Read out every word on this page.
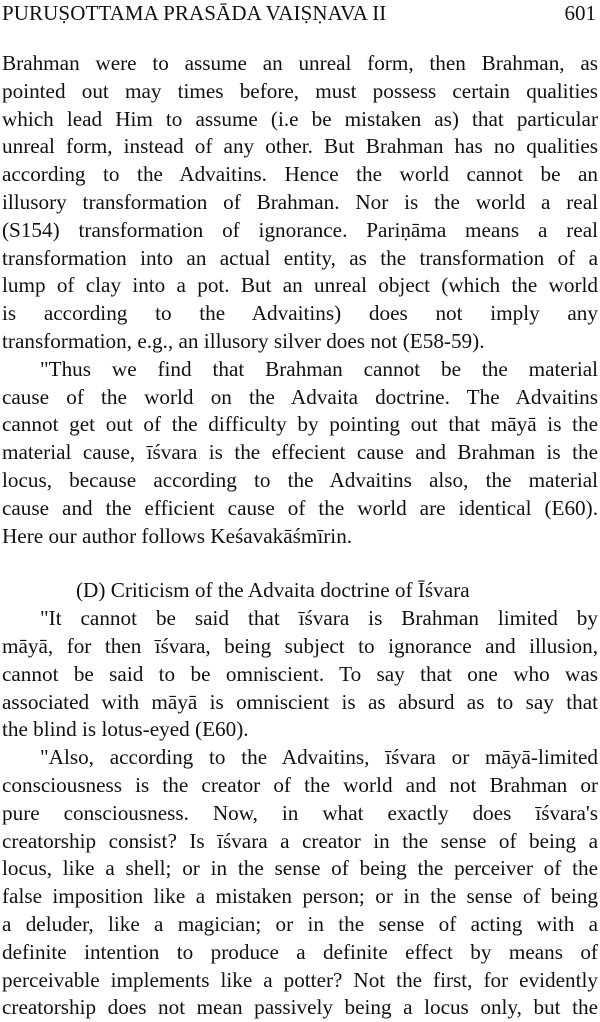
PURUṢOTTAMA PRASĀDA VAIṢṆAVA II	601
Brahman were to assume an unreal form, then Brahman, as
pointed out may times before, must possess certain qualities
which lead Him to assume (i.e be mistaken as) that particular
unreal form, instead of any other. But Brahman has no qualities
according to the Advaitins. Hence the world cannot be an
illusory transformation of Brahman. Nor is the world a real
(S154) transformation of ignorance. Pariṇāma means a real
transformation into an actual entity, as the transformation of a
lump of clay into a pot. But an unreal object (which the world
is according to the Advaitins) does not imply any
transformation, e.g., an illusory silver does not (E58-59).
"Thus we find that Brahman cannot be the material
cause of the world on the Advaita doctrine. The Advaitins
cannot get out of the difficulty by pointing out that māyā is the
material cause, īśvara is the effecient cause and Brahman is the
locus, because according to the Advaitins also, the material
cause and the efficient cause of the world are identical (E60).
Here our author follows Keśavakāśmīrin.
(D) Criticism of the Advaita doctrine of Īśvara
"It cannot be said that īśvara is Brahman limited by
māyā, for then īśvara, being subject to ignorance and illusion,
cannot be said to be omniscient. To say that one who was
associated with māyā is omniscient is as absurd as to say that
the blind is lotus-eyed (E60).
"Also, according to the Advaitins, īśvara or māyā-limited
consciousness is the creator of the world and not Brahman or
pure consciousness. Now, in what exactly does īśvara's
creatorship consist? Is īśvara a creator in the sense of being a
locus, like a shell; or in the sense of being the perceiver of the
false imposition like a mistaken person; or in the sense of being
a deluder, like a magician; or in the sense of acting with a
definite intention to produce a definite effect by means of
perceivable implements like a potter? Not the first, for evidently
creatorship does not mean passively being a locus only, but the
